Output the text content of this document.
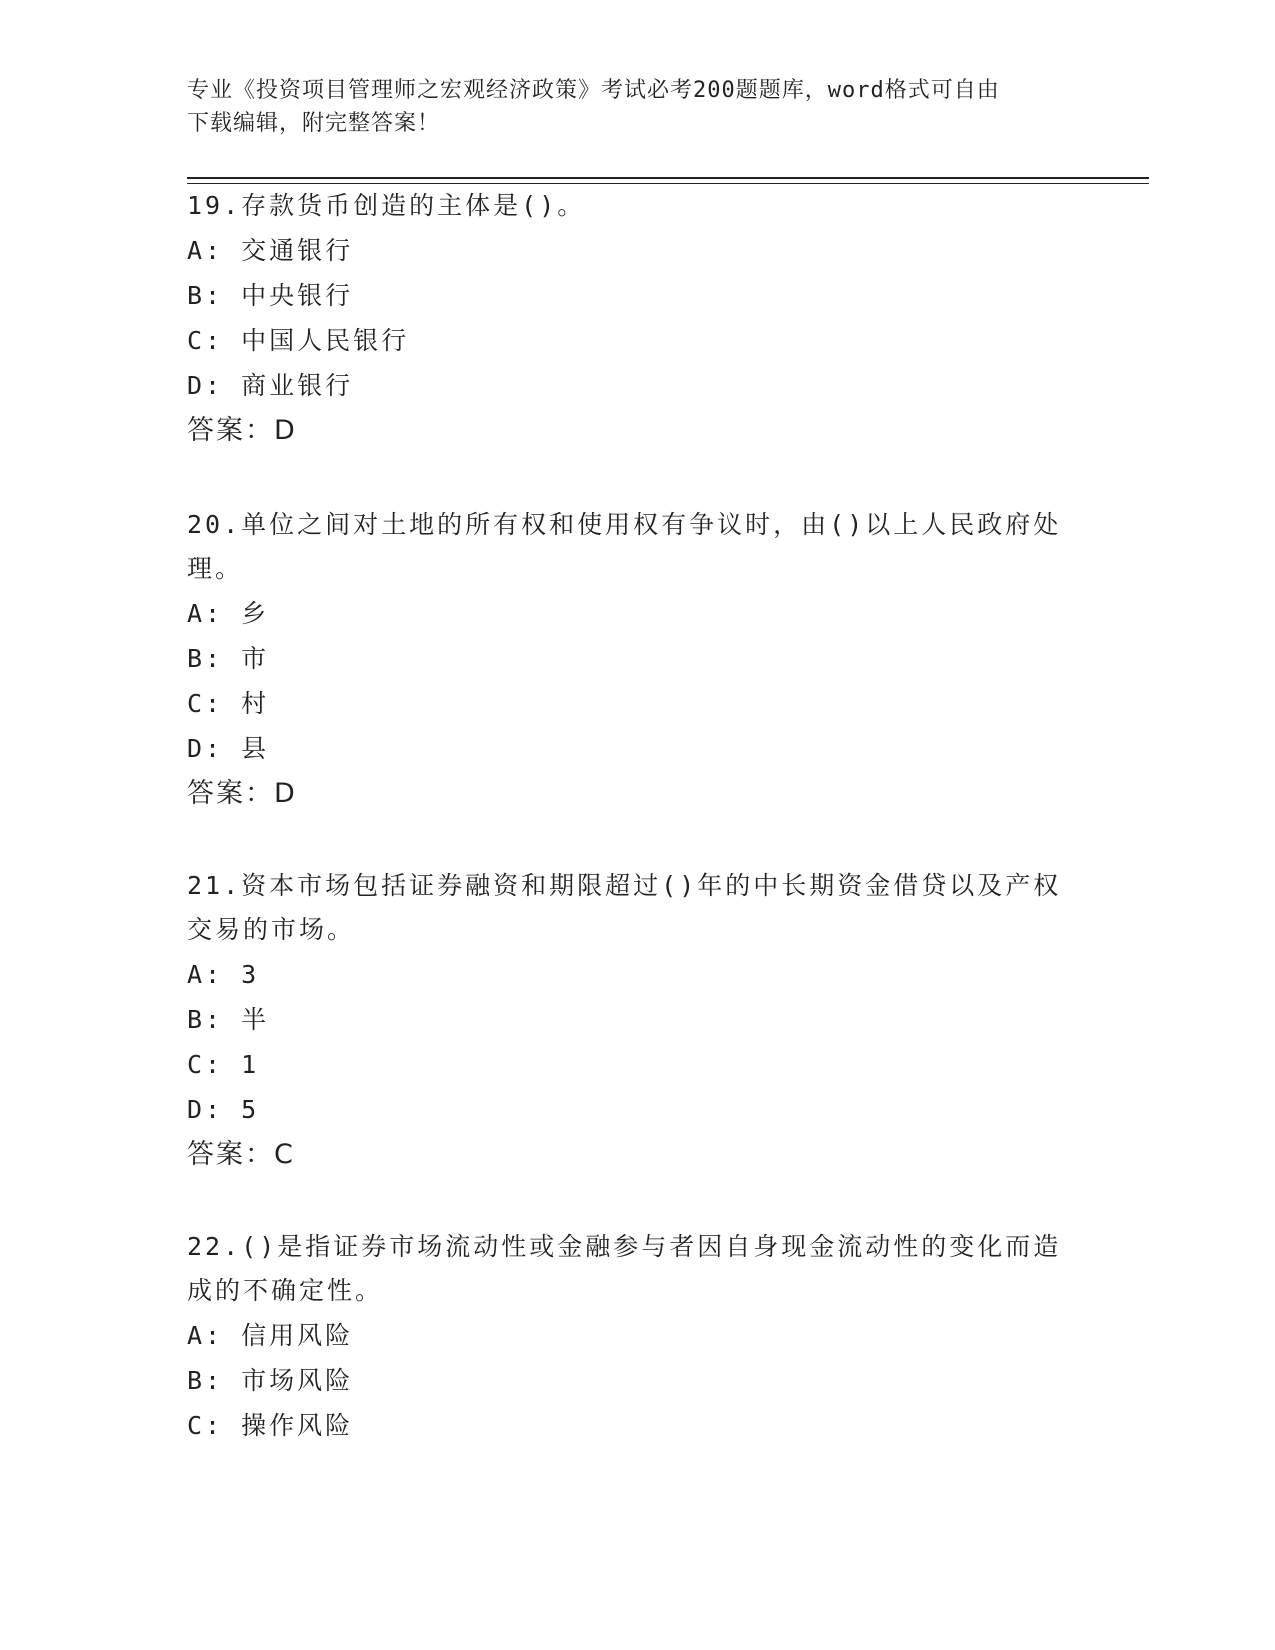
专业《投资项目管理师之宏观经济政策》考试必考200题题库，word格式可自由
下载编辑，附完整答案！
19.存款货币创造的主体是()。
A: 交通银行
B: 中央银行
C: 中国人民银行
D: 商业银行
答案：D
20.单位之间对土地的所有权和使用权有争议时，由()以上人民政府处理。
A: 乡
B: 市
C: 村
D: 县
答案：D
21.资本市场包括证券融资和期限超过()年的中长期资金借贷以及产权交易的市场。
A: 3
B: 半
C: 1
D: 5
答案：C
22.()是指证券市场流动性或金融参与者因自身现金流动性的变化而造成的不确定性。
A: 信用风险
B: 市场风险
C: 操作风险
